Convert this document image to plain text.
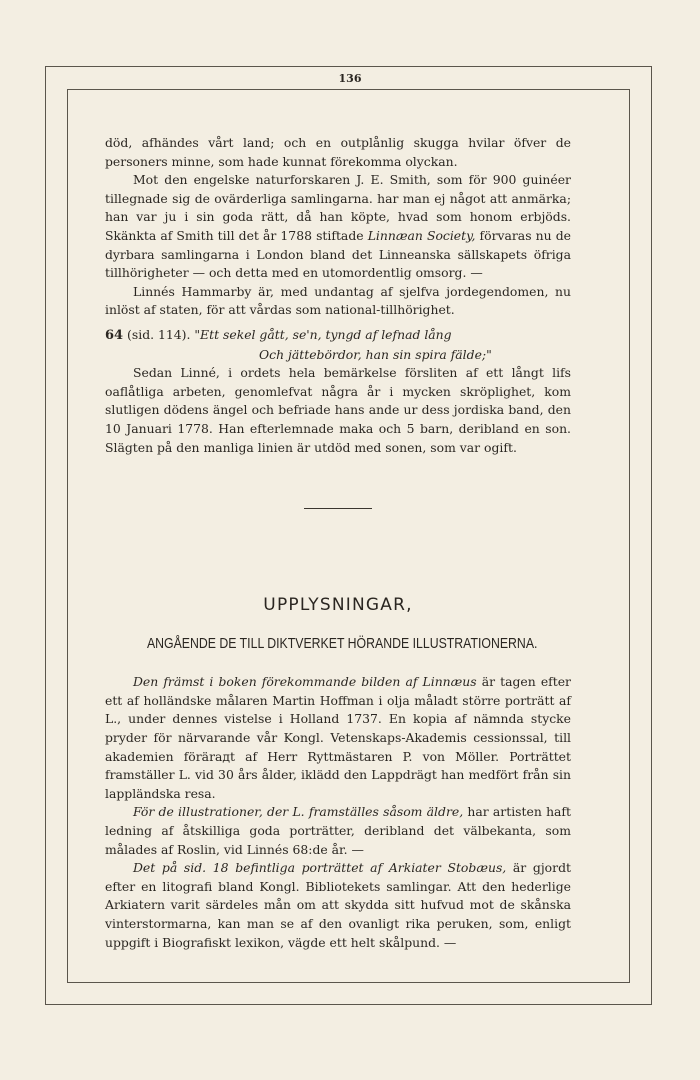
136

död, afhändes vårt land; och en outplånlig skugga hvilar öfver de personers minne, som hade kunnat förekomma olyckan.

Mot den engelske naturforskaren J. E. Smith, som för 900 guinéer tillegnade sig de ovärderliga samlingarna. har man ej något att anmärka; han var ju i sin goda rätt, då han köpte, hvad som honom erbjöds. Skänkta af Smith till det år 1788 stiftade Linnæan Society, förvaras nu de dyrbara samlingarna i London bland det Linneanska sällskapets öfriga tillhörigheter — och detta med en utomordentlig omsorg. —

Linnés Hammarby är, med undantag af sjelfva jordegendomen, nu inlöst af staten, för att vårdas som national-tillhörighet.

64 (sid. 114). "Ett sekel gått, se'n, tyngd af lefnad lång

Och jättebördor, han sin spira fälde;"

Sedan Linné, i ordets hela bemärkelse försliten af ett långt lifs oaflåtliga arbeten, genomlefvat några år i mycken skröplighet, kom slutligen dödens ängel och befriade hans ande ur dess jordiska band, den 10 Januari 1778. Han efterlemnade maka och 5 barn, deribland en son. Slägten på den manliga linien är utdöd med sonen, som var ogift.

UPPLYSNINGAR,
ANGÅENDE DE TILL DIKTVERKET HÖRANDE ILLUSTRATIONERNA.

Den främst i boken förekommande bilden af Linnæus är tagen efter ett af holländske målaren Martin Hoffman i olja måladt större porträtt af L., under dennes vistelse i Holland 1737. En kopia af nämnda stycke pryder för närvarande vår Kongl. Vetenskaps-Akademis cessionssal, till akademien förärадt af Herr Ryttmästaren P. von Möller. Porträttet framställer L. vid 30 års ålder, iklädd den Lappdrägt han medfört från sin lappländska resa.

För de illustrationer, der L. framställes såsom äldre, har artisten haft ledning af åtskilliga goda porträtter, deribland det välbekanta, som målades af Roslin, vid Linnés 68:de år. —

Det på sid. 18 befintliga porträttet af Arkiater Stobæus, är gjordt efter en litografi bland Kongl. Bibliotekets samlingar. Att den hederlige Arkiatern varit särdeles mån om att skydda sitt hufvud mot de skånska vinterstormarna, kan man se af den ovanligt rika peruken, som, enligt uppgift i Biografiskt lexikon, vägde ett helt skålpund. —
